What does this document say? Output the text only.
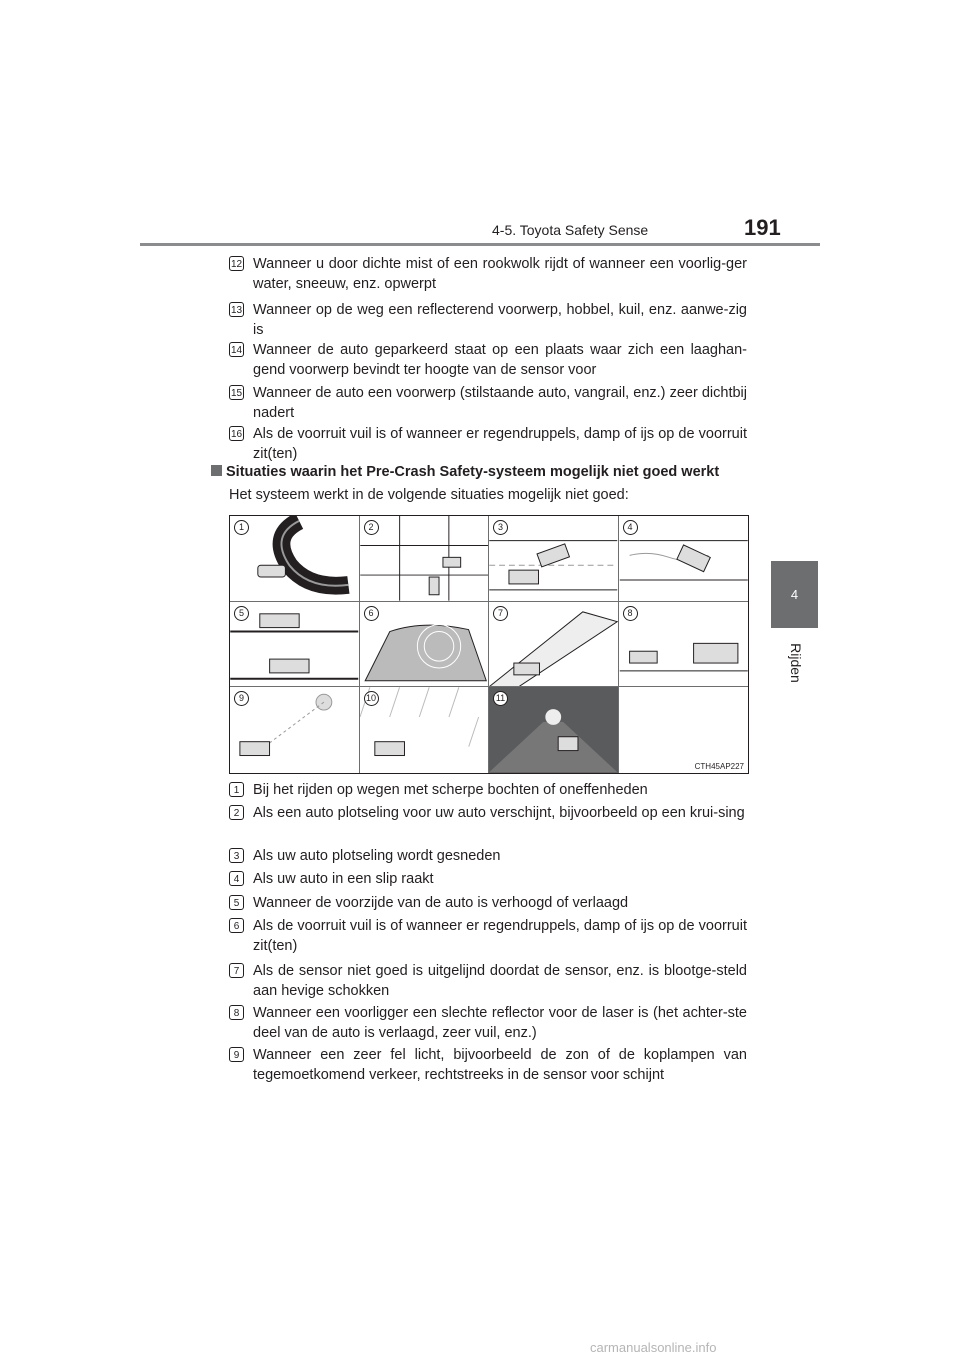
4-5. Toyota Safety Sense	191
4
Rijden
12 Wanneer u door dichte mist of een rookwolk rijdt of wanneer een voorlig-ger water, sneeuw, enz. opwerpt
13 Wanneer op de weg een reflecterend voorwerp, hobbel, kuil, enz. aanwe-zig is
14 Wanneer de auto geparkeerd staat op een plaats waar zich een laaghan-gend voorwerp bevindt ter hoogte van de sensor voor
15 Wanneer de auto een voorwerp (stilstaande auto, vangrail, enz.) zeer dichtbij nadert
16 Als de voorruit vuil is of wanneer er regendruppels, damp of ijs op de voorruit zit(ten)
Situaties waarin het Pre-Crash Safety-systeem mogelijk niet goed werkt
Het systeem werkt in de volgende situaties mogelijk niet goed:
1	2	3	4
5	6	7	8
9	10	11
CTH45AP227
1 Bij het rijden op wegen met scherpe bochten of oneffenheden
2 Als een auto plotseling voor uw auto verschijnt, bijvoorbeeld op een krui-sing
3 Als uw auto plotseling wordt gesneden
4 Als uw auto in een slip raakt
5 Wanneer de voorzijde van de auto is verhoogd of verlaagd
6 Als de voorruit vuil is of wanneer er regendruppels, damp of ijs op de voorruit zit(ten)
7 Als de sensor niet goed is uitgelijnd doordat de sensor, enz. is blootge-steld aan hevige schokken
8 Wanneer een voorligger een slechte reflector voor de laser is (het achter-ste deel van de auto is verlaagd, zeer vuil, enz.)
9 Wanneer een zeer fel licht, bijvoorbeeld de zon of de koplampen van tegemoetkomend verkeer, rechtstreeks in de sensor voor schijnt
carmanualsonline.info
